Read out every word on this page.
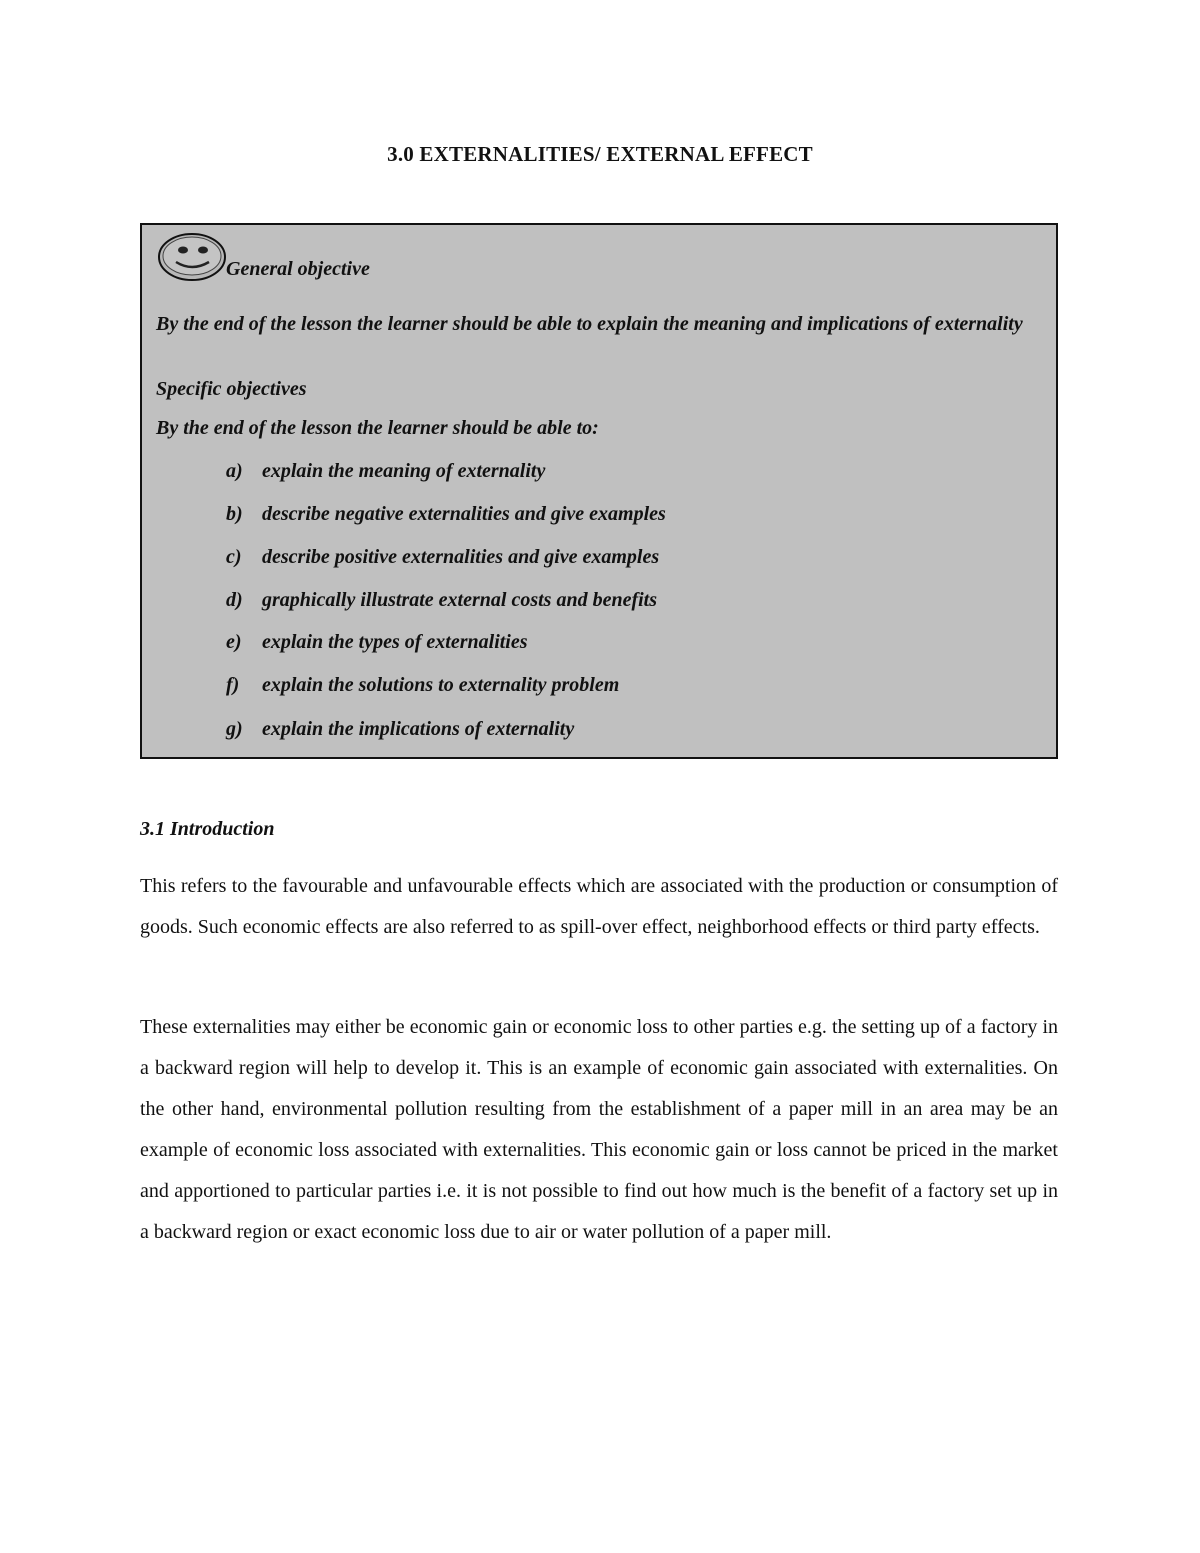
3.0 EXTERNALITIES/ EXTERNAL EFFECT
General objective
By the end of the lesson the learner should be able to explain the meaning and implications of externality
Specific objectives
By the end of the lesson the learner should be able to:
a) explain the meaning of externality
b) describe negative externalities and give examples
c) describe positive externalities and give examples
d) graphically illustrate external costs and benefits
e) explain the types of externalities
f) explain the solutions to externality problem
g) explain the implications of externality
3.1 Introduction

This refers to the favourable and unfavourable effects which are associated with the production or consumption of goods. Such economic effects are also referred to as spill-over effect, neighborhood effects or third party effects.

These externalities may either be economic gain or economic loss to other parties e.g. the setting up of a factory in a backward region will help to develop it. This is an example of economic gain associated with externalities. On the other hand, environmental pollution resulting from the establishment of a paper mill in an area may be an example of economic loss associated with externalities. This economic gain or loss cannot be priced in the market and apportioned to particular parties i.e. it is not possible to find out how much is the benefit of a factory set up in a backward region or exact economic loss due to air or water pollution of a paper mill.
